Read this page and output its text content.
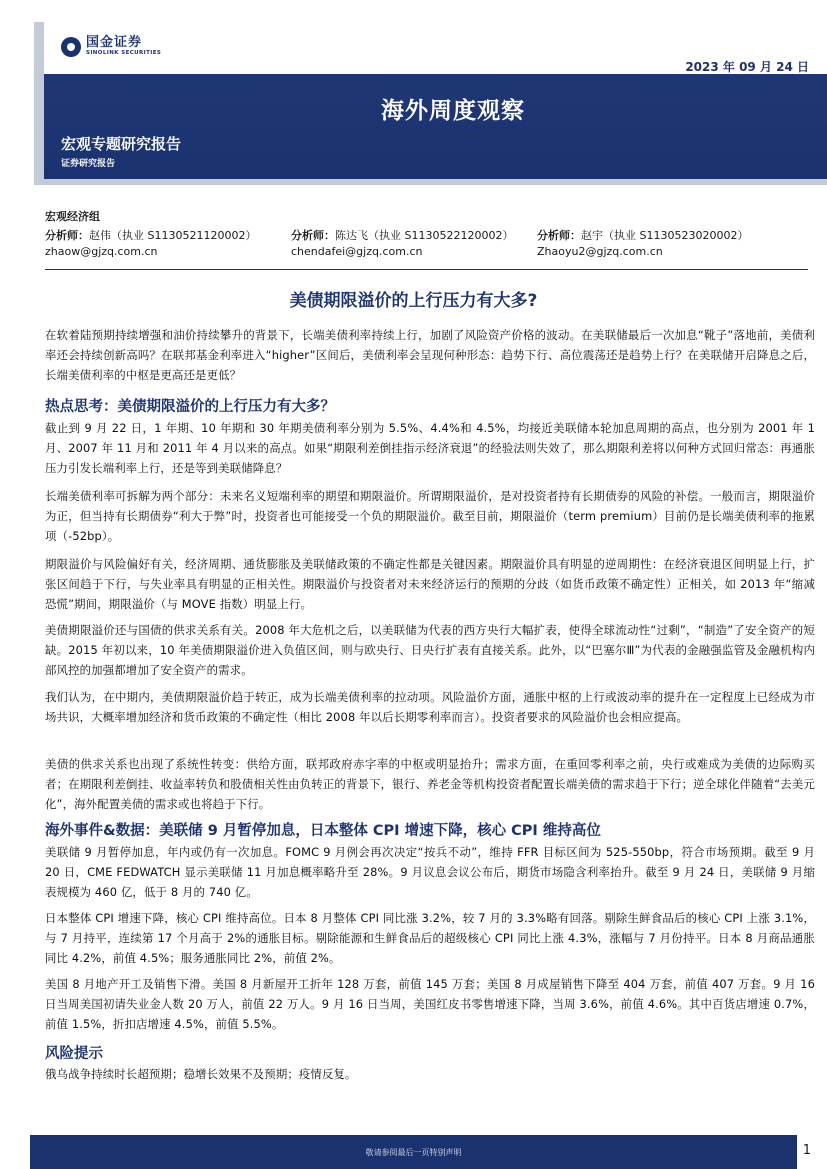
国金证券
SINOLINK SECURITIES
2023 年 09 月 24 日
海外周度观察
宏观专题研究报告
证券研究报告
宏观经济组
分析师：赵伟（执业 S1130521120002）	分析师：陈达飞（执业 S1130522120002） 分析师：赵宇（执业 S1130523020002）
zhaow@gjzq.com.cn	chendafei@gjzq.com.cn	Zhaoyu2@gjzq.com.cn
美债期限溢价的上行压力有大多?

在软着陆预期持续增强和油价持续攀升的背景下，长端美债利率持续上行，加剧了风险资产价格的波动。在美联储最后一次加息“靴子”落地前，美债利率还会持续创新高吗？在联邦基金利率进入“higher”区间后，美债利率会呈现何种形态：趋势下行、高位震荡还是趋势上行？在美联储开启降息之后，长端美债利率的中枢是更高还是更低？

热点思考：美债期限溢价的上行压力有大多？

截止到 9 月 22 日，1 年期、10 年期和 30 年期美债利率分别为 5.5%、4.4%和 4.5%，均接近美联储本轮加息周期的高点，也分别为 2001 年 1 月、2007 年 11 月和 2011 年 4 月以来的高点。如果“期限利差倒挂指示经济衰退”的经验法则失效了，那么期限利差将以何种方式回归常态：再通胀压力引发长端利率上行，还是等到美联储降息？

长端美债利率可拆解为两个部分：未来名义短端利率的期望和期限溢价。所谓期限溢价，是对投资者持有长期债券的风险的补偿。一般而言，期限溢价为正，但当持有长期债券“利大于弊”时，投资者也可能接受一个负的期限溢价。截至目前，期限溢价（term premium）目前仍是长端美债利率的拖累项（-52bp）。

期限溢价与风险偏好有关，经济周期、通货膨胀及美联储政策的不确定性都是关键因素。期限溢价具有明显的逆周期性：在经济衰退区间明显上行，扩张区间趋于下行，与失业率具有明显的正相关性。期限溢价与投资者对未来经济运行的预期的分歧（如货币政策不确定性）正相关，如 2013 年“缩减恐慌”期间，期限溢价（与 MOVE 指数）明显上行。

美债期限溢价还与国债的供求关系有关。2008 年大危机之后，以美联储为代表的西方央行大幅扩表，使得全球流动性“过剩”，“制造”了安全资产的短缺。2015 年初以来，10 年美债期限溢价进入负值区间，则与欧央行、日央行扩表有直接关系。此外，以“巴塞尔Ⅲ”为代表的金融强监管及金融机构内部风控的加强都增加了安全资产的需求。

我们认为，在中期内，美债期限溢价趋于转正，成为长端美债利率的拉动项。风险溢价方面，通胀中枢的上行或波动率的提升在一定程度上已经成为市场共识，大概率增加经济和货币政策的不确定性（相比 2008 年以后长期零利率而言）。投资者要求的风险溢价也会相应提高。

美债的供求关系也出现了系统性转变：供给方面，联邦政府赤字率的中枢或明显抬升；需求方面，在重回零利率之前，央行或难成为美债的边际购买者；在期限利差倒挂、收益率转负和股债相关性由负转正的背景下，银行、养老金等机构投资者配置长端美债的需求趋于下行；逆全球化伴随着“去美元化”，海外配置美债的需求或也将趋于下行。

海外事件&数据：美联储 9 月暂停加息，日本整体 CPI 增速下降，核心 CPI 维持高位

美联储 9 月暂停加息，年内或仍有一次加息。FOMC 9 月例会再次决定“按兵不动”，维持 FFR 目标区间为 525-550bp，符合市场预期。截至 9 月 20 日，CME FEDWATCH 显示美联储 11 月加息概率略升至 28%。9 月议息会议公布后，期货市场隐含利率抬升。截至 9 月 24 日，美联储 9 月缩表规模为 460 亿，低于 8 月的 740 亿。

日本整体 CPI 增速下降，核心 CPI 维持高位。日本 8 月整体 CPI 同比涨 3.2%，较 7 月的 3.3%略有回落。剔除生鲜食品后的核心 CPI 上涨 3.1%，与 7 月持平，连续第 17 个月高于 2%的通胀目标。剔除能源和生鲜食品后的超级核心 CPI 同比上涨 4.3%，涨幅与 7 月份持平。日本 8 月商品通胀同比 4.2%，前值 4.5%；服务通胀同比 2%，前值 2%。

美国 8 月地产开工及销售下滑。美国 8 月新屋开工折年 128 万套，前值 145 万套；美国 8 月成屋销售下降至 404 万套，前值 407 万套。9 月 16 日当周美国初请失业金人数 20 万人，前值 22 万人。9 月 16 日当周，美国红皮书零售增速下降，当周 3.6%，前值 4.6%。其中百货店增速 0.7%，前值 1.5%，折扣店增速 4.5%，前值 5.5%。

风险提示

俄乌战争持续时长超预期；稳增长效果不及预期；疫情反复。

敬请参阅最后一页特别声明	1
